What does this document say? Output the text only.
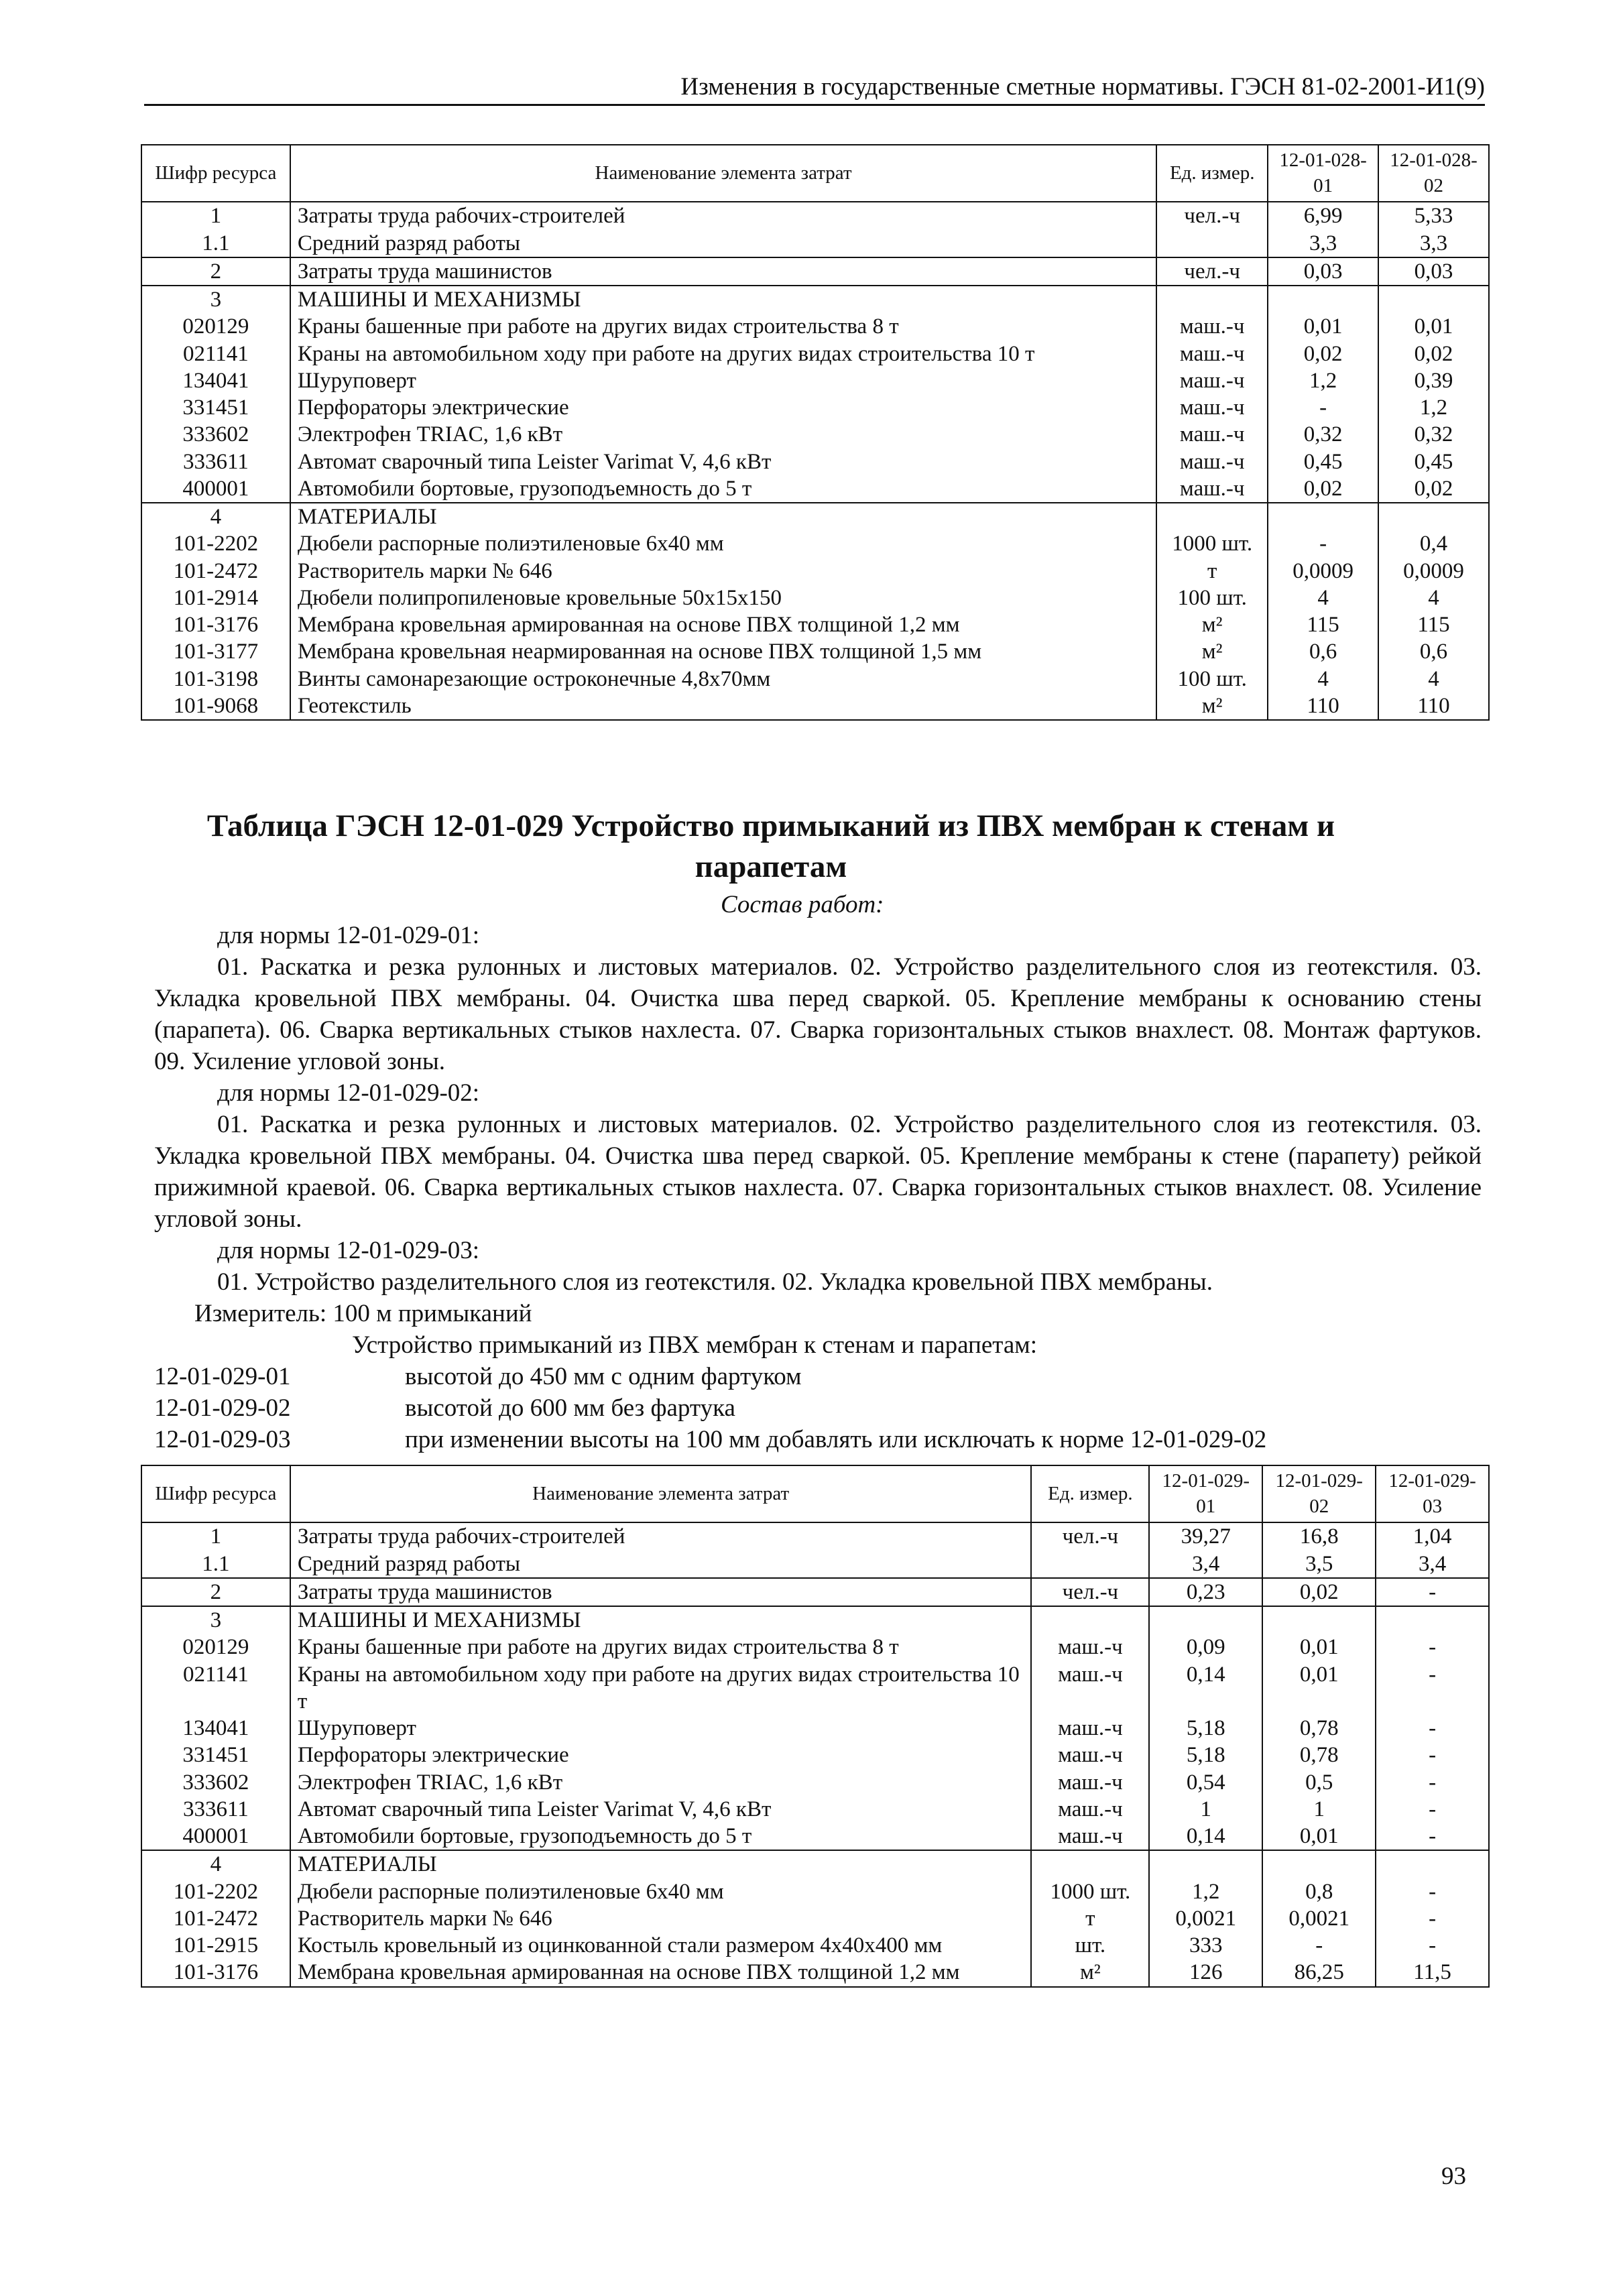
Изменения в государственные сметные нормативы. ГЭСН 81-02-2001-И1(9)
Шифр ресурса	Наименование элемента затрат	Ед. измер.	12-01-028-01	12-01-028-02
1	Затраты труда рабочих-строителей	чел.-ч	6,99	5,33
1.1	Средний разряд работы		3,3	3,3
2	Затраты труда машинистов	чел.-ч	0,03	0,03
3	МАШИНЫ И МЕХАНИЗМЫ			
020129	Краны башенные при работе на других видах строительства 8 т	маш.-ч	0,01	0,01
021141	Краны на автомобильном ходу при работе на других видах строительства 10 т	маш.-ч	0,02	0,02
134041	Шуруповерт	маш.-ч	1,2	0,39
331451	Перфораторы электрические	маш.-ч	-	1,2
333602	Электрофен TRIAC, 1,6 кВт	маш.-ч	0,32	0,32
333611	Автомат сварочный типа Leister Varimat V, 4,6 кВт	маш.-ч	0,45	0,45
400001	Автомобили бортовые, грузоподъемность до 5 т	маш.-ч	0,02	0,02
4	МАТЕРИАЛЫ			
101-2202	Дюбели распорные полиэтиленовые 6x40 мм	1000 шт.	-	0,4
101-2472	Растворитель марки № 646	т	0,0009	0,0009
101-2914	Дюбели полипропиленовые кровельные 50x15x150	100 шт.	4	4
101-3176	Мембрана кровельная армированная на основе ПВХ толщиной 1,2 мм	м²	115	115
101-3177	Мембрана кровельная неармированная на основе ПВХ толщиной 1,5 мм	м²	0,6	0,6
101-3198	Винты самонарезающие остроконечные 4,8x70мм	100 шт.	4	4
101-9068	Геотекстиль	м²	110	110
Таблица ГЭСН 12-01-029 Устройство примыканий из ПВХ мембран к стенам и парапетам
Состав работ:
для нормы 12-01-029-01:

01. Раскатка и резка рулонных и листовых материалов. 02. Устройство разделительного слоя из геотекстиля. 03. Укладка кровельной ПВХ мембраны. 04. Очистка шва перед сваркой. 05. Крепление мембраны к основанию стены (парапета). 06. Сварка вертикальных стыков нахлеста. 07. Сварка горизонтальных стыков внахлест. 08. Монтаж фартуков. 09. Усиление угловой зоны.

для нормы 12-01-029-02:

01. Раскатка и резка рулонных и листовых материалов. 02. Устройство разделительного слоя из геотекстиля. 03. Укладка кровельной ПВХ мембраны. 04. Очистка шва перед сваркой. 05. Крепление мембраны к стене (парапету) рейкой прижимной краевой. 06. Сварка вертикальных стыков нахлеста. 07. Сварка горизонтальных стыков внахлест. 08. Усиление угловой зоны.

для нормы 12-01-029-03:

01. Устройство разделительного слоя из геотекстиля. 02. Укладка кровельной ПВХ мембраны.

Измеритель: 100 м примыканий
Устройство примыканий из ПВХ мембран к стенам и парапетам:
12-01-029-01	высотой до 450 мм с одним фартуком
12-01-029-02	высотой до 600 мм без фартука
12-01-029-03	при изменении высоты на 100 мм добавлять или исключать к норме 12-01-029-02
Шифр ресурса	Наименование элемента затрат	Ед. измер.	12-01-029-01	12-01-029-02	12-01-029-03
1	Затраты труда рабочих-строителей	чел.-ч	39,27	16,8	1,04
1.1	Средний разряд работы		3,4	3,5	3,4
2	Затраты труда машинистов	чел.-ч	0,23	0,02	-
3	МАШИНЫ И МЕХАНИЗМЫ				
020129	Краны башенные при работе на других видах строительства 8 т	маш.-ч	0,09	0,01	-
021141	Краны на автомобильном ходу при работе на других видах строительства 10 т	маш.-ч	0,14	0,01	-
134041	Шуруповерт	маш.-ч	5,18	0,78	-
331451	Перфораторы электрические	маш.-ч	5,18	0,78	-
333602	Электрофен TRIAC, 1,6 кВт	маш.-ч	0,54	0,5	-
333611	Автомат сварочный типа Leister Varimat V, 4,6 кВт	маш.-ч	1	1	-
400001	Автомобили бортовые, грузоподъемность до 5 т	маш.-ч	0,14	0,01	-
4	МАТЕРИАЛЫ				
101-2202	Дюбели распорные полиэтиленовые 6x40 мм	1000 шт.	1,2	0,8	-
101-2472	Растворитель марки № 646	т	0,0021	0,0021	-
101-2915	Костыль кровельный из оцинкованной стали размером 4x40x400 мм	шт.	333	-	-
101-3176	Мембрана кровельная армированная на основе ПВХ толщиной 1,2 мм	м²	126	86,25	11,5
93
